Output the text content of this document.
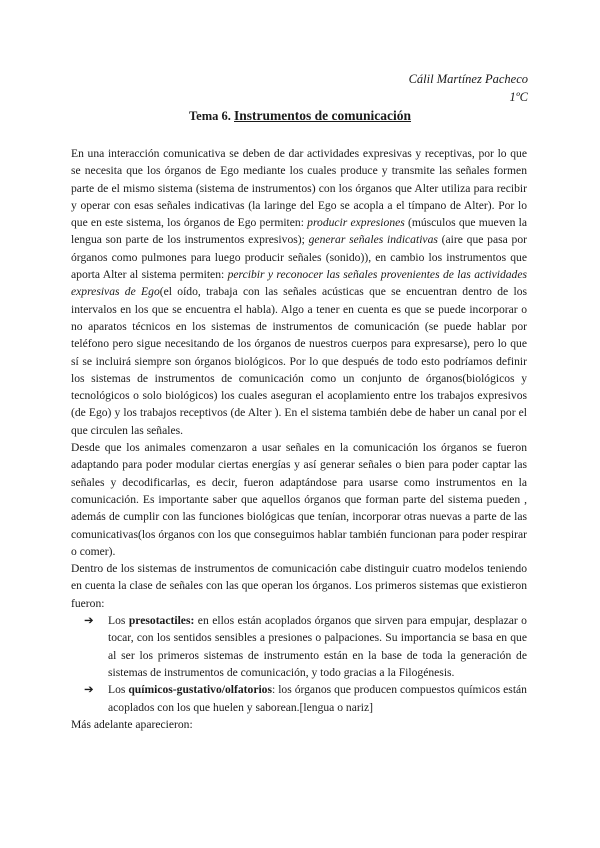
Cálil Martínez Pacheco
1ºC
Tema 6. Instrumentos de comunicación

En una interacción comunicativa se deben de dar actividades expresivas y receptivas, por lo que se necesita que los órganos de Ego mediante los cuales produce y transmite las señales formen parte de el mismo sistema (sistema de instrumentos) con los órganos que Alter utiliza para recibir y operar con esas señales indicativas (la laringe del Ego se acopla a el tímpano de Alter). Por lo que en este sistema, los órganos de Ego permiten: producir expresiones (músculos que mueven la lengua son parte de los instrumentos expresivos); generar señales indicativas (aire que pasa por órganos como pulmones para luego producir señales (sonido)), en cambio los instrumentos que aporta Alter al sistema permiten: percibir y reconocer las señales provenientes de las actividades expresivas de Ego(el oído, trabaja con las señales acústicas que se encuentran dentro de los intervalos en los que se encuentra el habla). Algo a tener en cuenta es que se puede incorporar o no aparatos técnicos en los sistemas de instrumentos de comunicación (se puede hablar por teléfono pero sigue necesitando de los órganos de nuestros cuerpos para expresarse), pero lo que sí se incluirá siempre son órganos biológicos. Por lo que después de todo esto podríamos definir los sistemas de instrumentos de comunicación como un conjunto de órganos(biológicos y tecnológicos o solo biológicos) los cuales aseguran el acoplamiento entre los trabajos expresivos (de Ego) y los trabajos receptivos (de Alter ). En el sistema también debe de haber un canal por el que circulen las señales.

Desde que los animales comenzaron a usar señales en la comunicación los órganos se fueron adaptando para poder modular ciertas energías y así generar señales o bien para poder captar las señales y decodificarlas, es decir, fueron adaptándose para usarse como instrumentos en la comunicación. Es importante saber que aquellos órganos que forman parte del sistema pueden , además de cumplir con las funciones biológicas que tenían, incorporar otras nuevas a parte de las comunicativas(los órganos con los que conseguimos hablar también funcionan para poder respirar o comer).

Dentro de los sistemas de instrumentos de comunicación cabe distinguir cuatro modelos teniendo en cuenta la clase de señales con las que operan los órganos. Los primeros sistemas que existieron fueron:

➔ Los presotactiles: en ellos están acoplados órganos que sirven para empujar, desplazar o tocar, con los sentidos sensibles a presiones o palpaciones. Su importancia se basa en que al ser los primeros sistemas de instrumento están en la base de toda la generación de sistemas de instrumentos de comunicación, y todo gracias a la Filogénesis.
➔ Los químicos-gustativo/olfatorios: los órganos que producen compuestos químicos están acoplados con los que huelen y saborean.[lengua o nariz]

Más adelante aparecieron:
